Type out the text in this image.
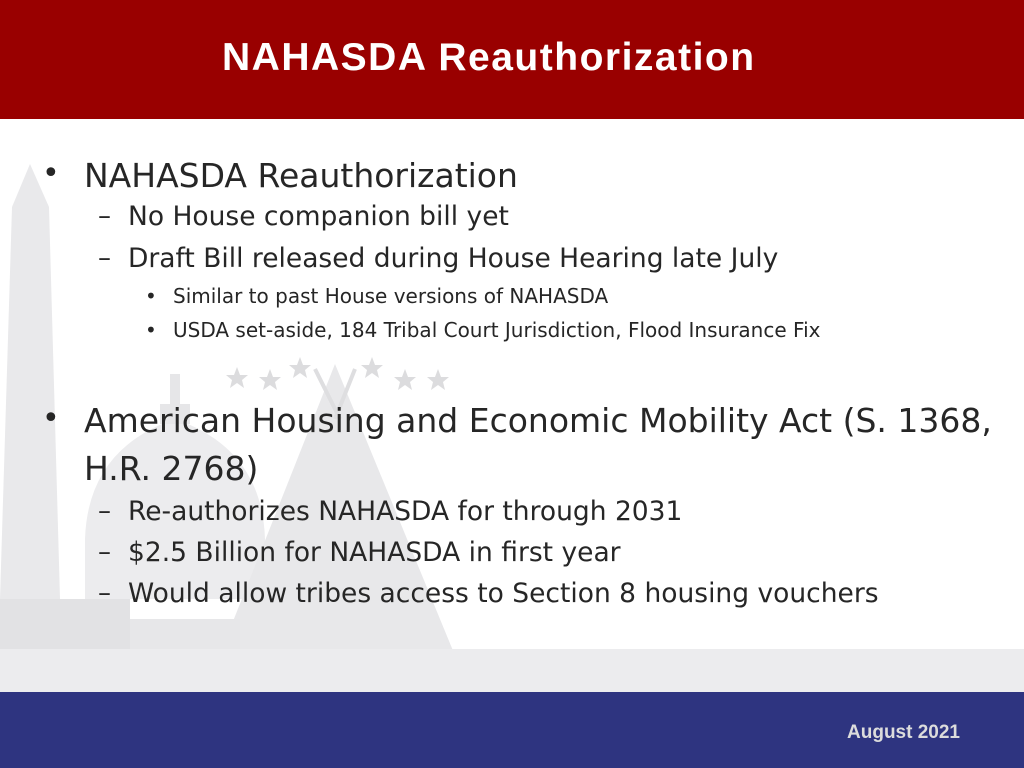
NAHASDA Reauthorization
• NAHASDA Reauthorization
– No House companion bill yet
– Draft Bill released during House Hearing late July
• Similar to past House versions of NAHASDA
• USDA set-aside, 184 Tribal Court Jurisdiction, Flood Insurance Fix
• American Housing and Economic Mobility Act (S. 1368,
H.R. 2768)
– Re-authorizes NAHASDA for through 2031
– $2.5 Billion for NAHASDA in first year
– Would allow tribes access to Section 8 housing vouchers
August 2021
